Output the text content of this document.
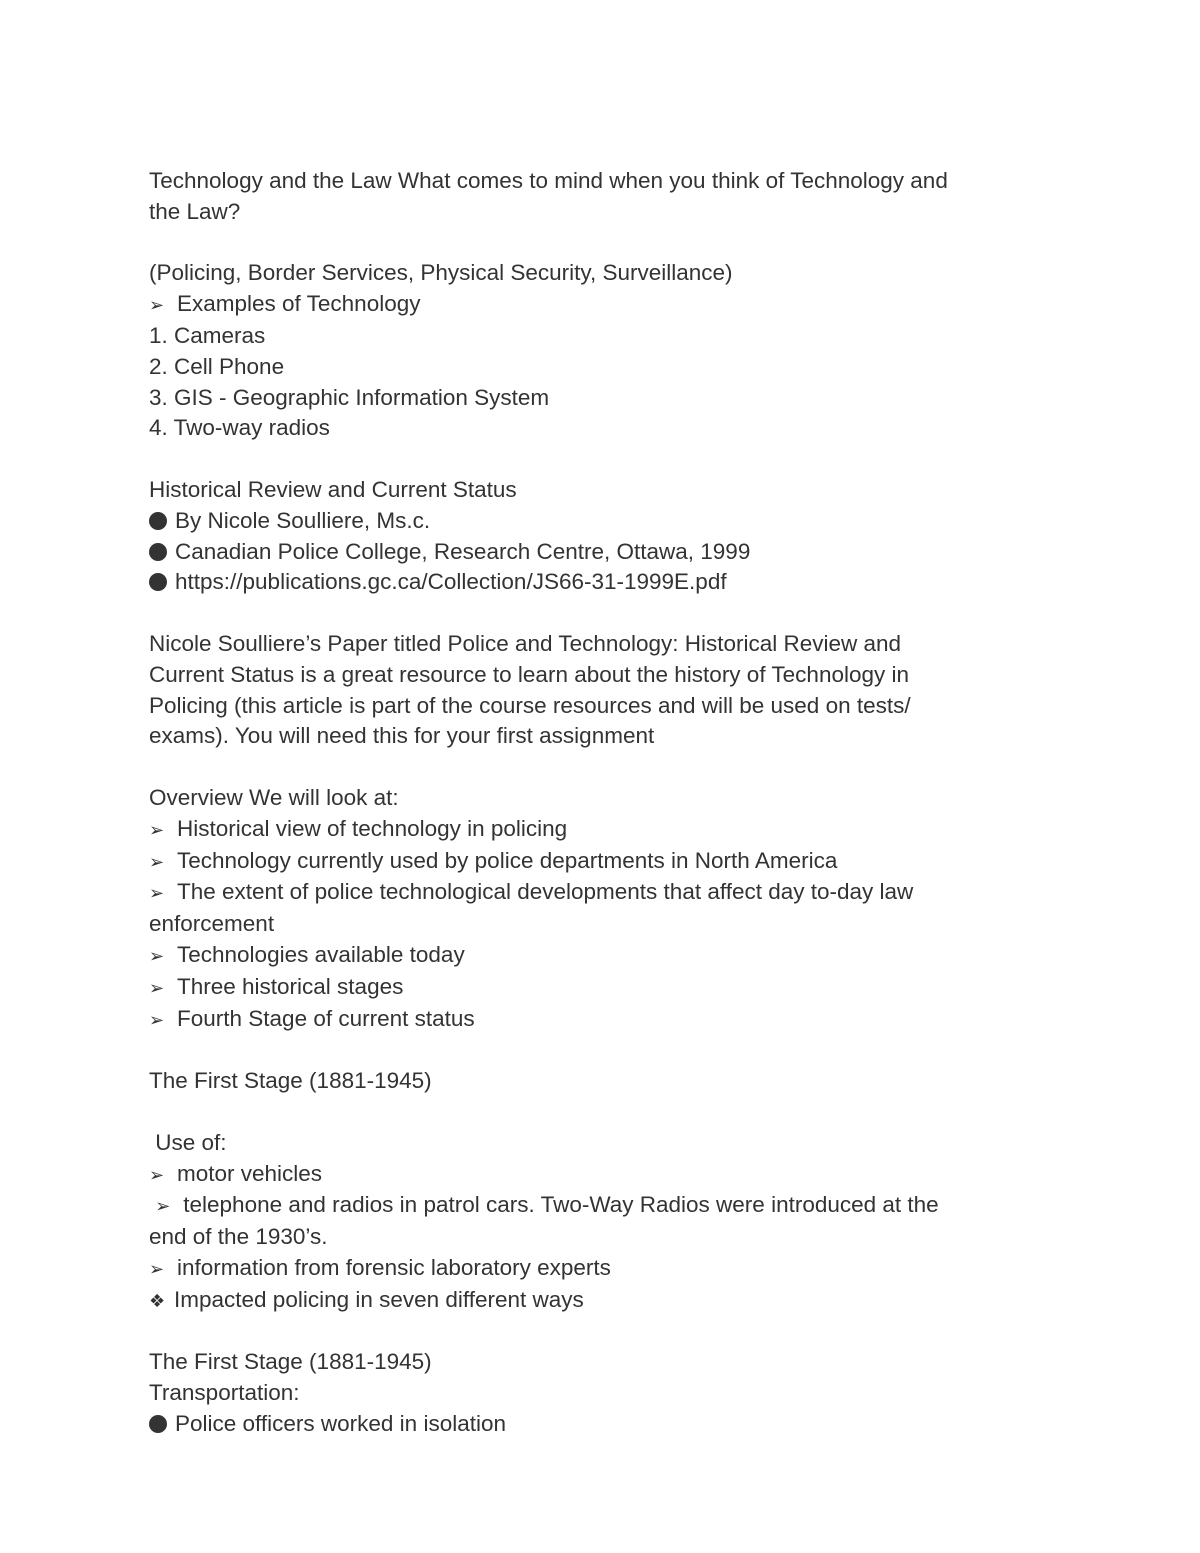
Technology and the Law What comes to mind when you think of Technology and
the Law?
(Policing, Border Services, Physical Security, Surveillance)
➢ Examples of Technology
1. Cameras
2. Cell Phone
3. GIS - Geographic Information System
4. Two-way radios
Historical Review and Current Status
By Nicole Soulliere, Ms.c.
Canadian Police College, Research Centre, Ottawa, 1999
https://publications.gc.ca/Collection/JS66-31-1999E.pdf
Nicole Soulliere’s Paper titled Police and Technology: Historical Review and
Current Status is a great resource to learn about the history of Technology in
Policing (this article is part of the course resources and will be used on tests/
exams). You will need this for your first assignment
Overview We will look at:
➢ Historical view of technology in policing
➢ Technology currently used by police departments in North America
➢ The extent of police technological developments that affect day to-day law
enforcement
➢ Technologies available today
➢ Three historical stages
➢ Fourth Stage of current status
The First Stage (1881-1945)
Use of:
➢ motor vehicles
➢ telephone and radios in patrol cars. Two-Way Radios were introduced at the
end of the 1930’s.
➢ information from forensic laboratory experts
❖ Impacted policing in seven different ways
The First Stage (1881-1945)
Transportation:
Police officers worked in isolation
